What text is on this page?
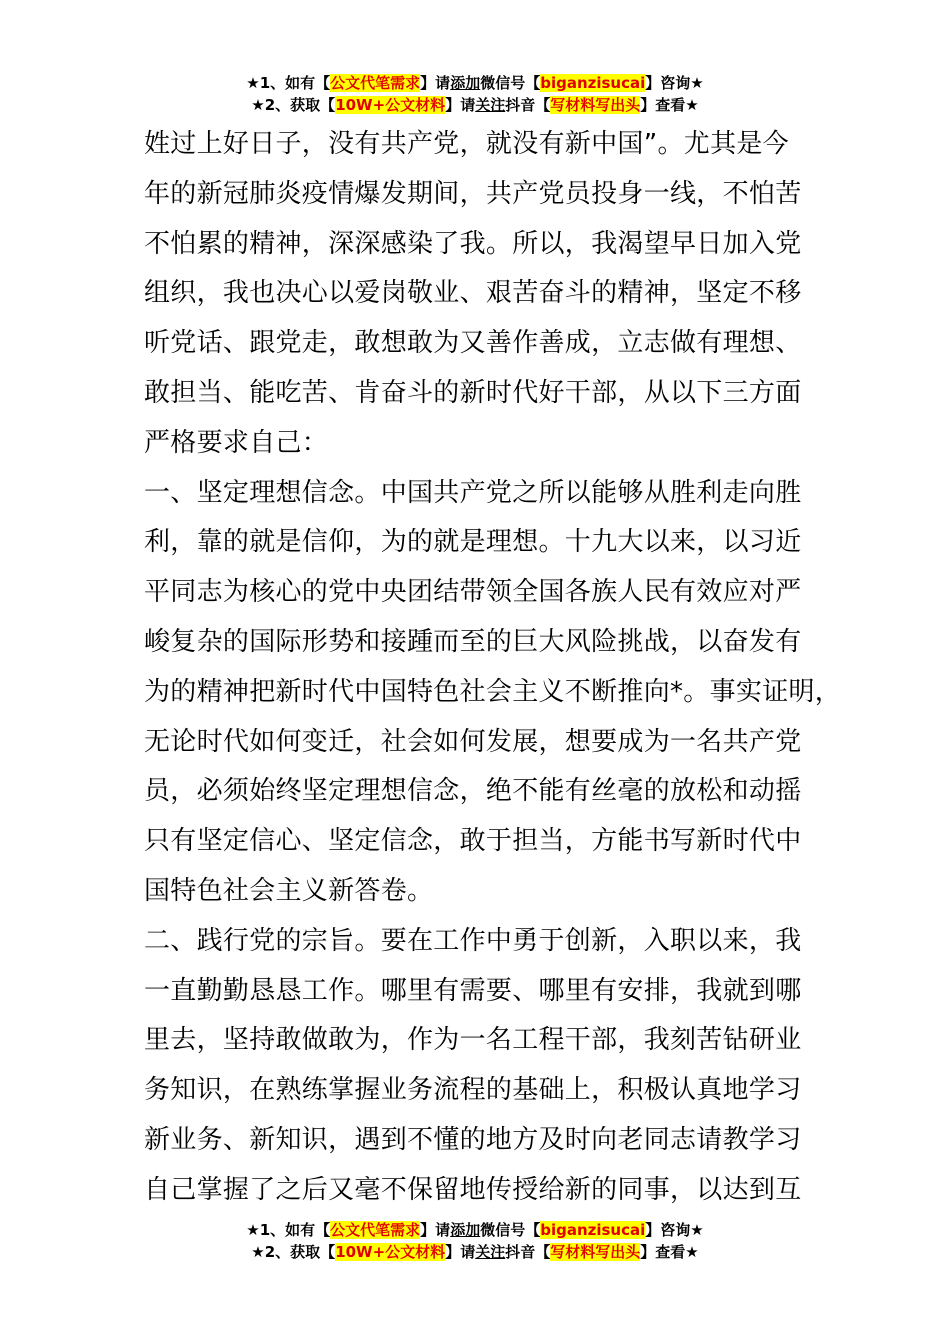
★1、如有【公文代笔需求】请添加微信号【biganzisucai】咨询★
★2、获取【10W+公文材料】请关注抖音【写材料写出头】查看★
姓过上好日子，没有共产党，就没有新中国”。尤其是今
年的新冠肺炎疫情爆发期间，共产党员投身一线，不怕苦
不怕累的精神，深深感染了我。所以，我渴望早日加入党
组织，我也决心以爱岗敬业、艰苦奋斗的精神，坚定不移
听党话、跟党走，敢想敢为又善作善成，立志做有理想、
敢担当、能吃苦、肯奋斗的新时代好干部，从以下三方面
严格要求自己：
一、坚定理想信念。中国共产党之所以能够从胜利走向胜
利，靠的就是信仰，为的就是理想。十九大以来，以习近
平同志为核心的党中央团结带领全国各族人民有效应对严
峻复杂的国际形势和接踵而至的巨大风险挑战，以奋发有
为的精神把新时代中国特色社会主义不断推向*。事实证明，
无论时代如何变迁，社会如何发展，想要成为一名共产党
员，必须始终坚定理想信念，绝不能有丝毫的放松和动摇
只有坚定信心、坚定信念，敢于担当，方能书写新时代中
国特色社会主义新答卷。
二、践行党的宗旨。要在工作中勇于创新，入职以来，我
一直勤勤恳恳工作。哪里有需要、哪里有安排，我就到哪
里去，坚持敢做敢为，作为一名工程干部，我刻苦钻研业
务知识，在熟练掌握业务流程的基础上，积极认真地学习
新业务、新知识，遇到不懂的地方及时向老同志请教学习
自己掌握了之后又毫不保留地传授给新的同事，以达到互
★1、如有【公文代笔需求】请添加微信号【biganzisucai】咨询★
★2、获取【10W+公文材料】请关注抖音【写材料写出头】查看★
